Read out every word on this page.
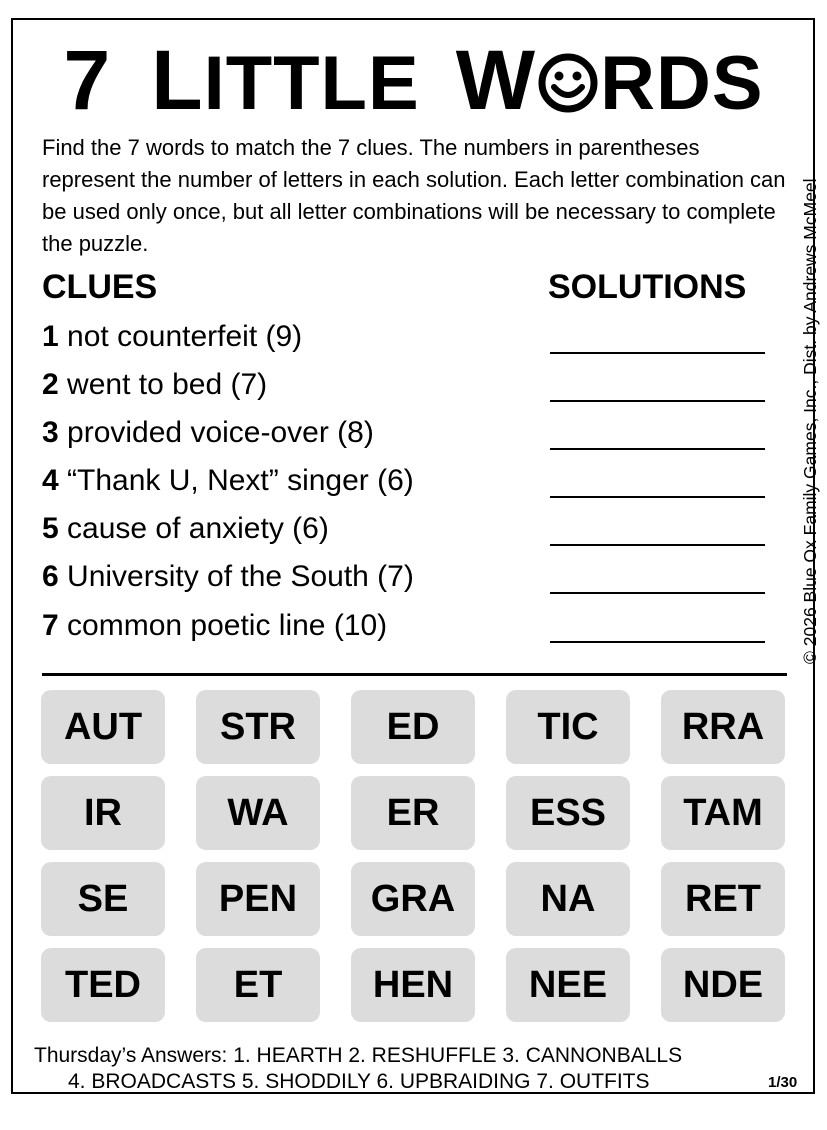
7 LITTLE W RDS
Find the 7 words to match the 7 clues. The numbers in parentheses represent the number of letters in each solution. Each letter combination can be used only once, but all letter combinations will be necessary to complete the puzzle.	© 2026 Blue Ox Family Games, Inc., Dist. by Andrews McMeel
CLUES	SOLUTIONS
1 not counterfeit (9)
2 went to bed (7)
3 provided voice-over (8)
4 “Thank U, Next” singer (6)
5 cause of anxiety (6)
6 University of the South (7)
7 common poetic line (10)
AUT	STR	ED	TIC	RRA
IR	WA	ER	ESS	TAM
SE	PEN	GRA	NA	RET
TED	ET	HEN	NEE	NDE
Thursday’s Answers: 1. HEARTH 2. RESHUFFLE 3. CANNONBALLS
4. BROADCASTS 5. SHODDILY 6. UPBRAIDING 7. OUTFITS	1/30
